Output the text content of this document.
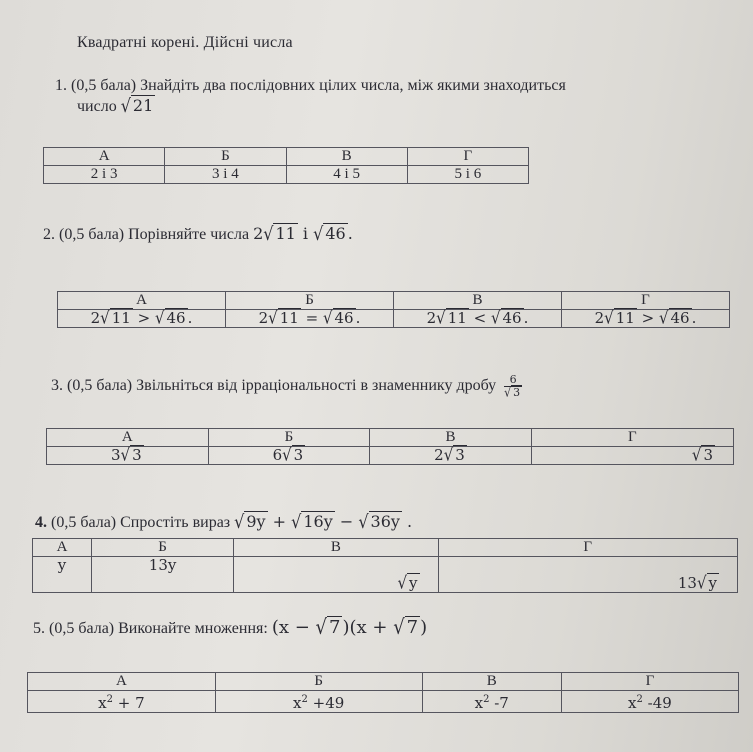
Квадратні корені. Дійсні числа
1. (0,5 бала) Знайдіть два послідовних цілих числа, між якими знаходиться
число √ 21
А	Б	В	Г
2 і 3	3 і 4	4 і 5	5 і 6
2. (0,5 бала) Порівняйте числа 2√ 11 і √ 46 .
А	Б	В	Г
2√ 11 > √ 46 .	2√ 11 = √ 46 .	2√ 11 < √ 46 .	2√ 11 > √ 46 .
3. (0,5 бала) Звільніться від ірраціональності в знаменнику дробу $\frac{6}{√ 3}$
А	Б	В	Г
3√ 3	6√ 3	2√ 3	√ 3
4. (0,5 бала) Спростіть вираз √ 9y + √ 16y − √ 36y .
А	Б	В	Г
y	13y	√ y	13√ y
5. (0,5 бала) Виконайте множення: (x − √ 7 )(x + √ 7 )
А	Б	В	Г
$x^2 + 7$	$x^2 +49$	$x^2$ -7	$x^2$ -49
